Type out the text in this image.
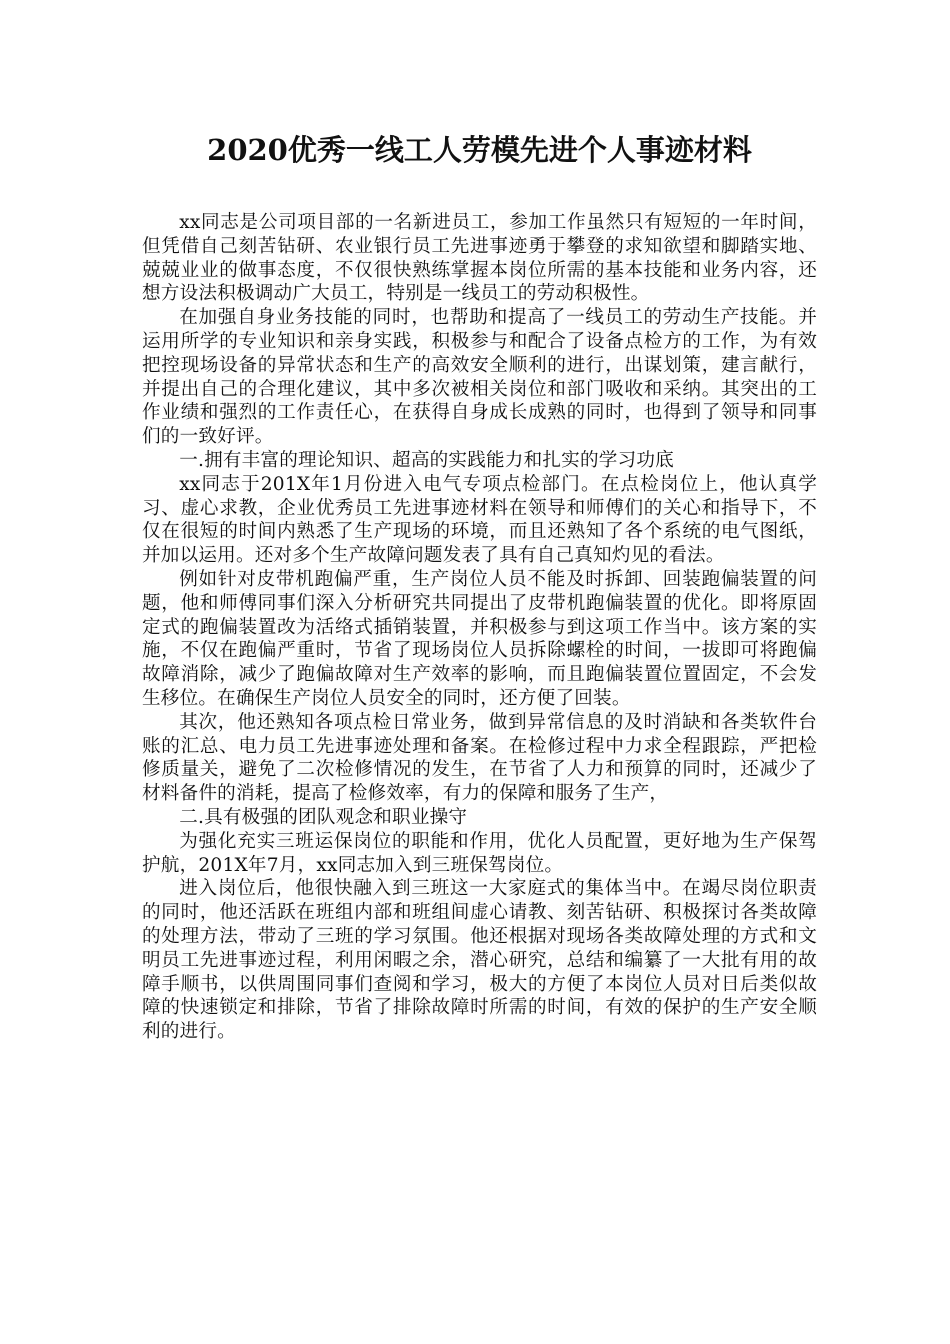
2020优秀一线工人劳模先进个人事迹材料

xx同志是公司项目部的一名新进员工，参加工作虽然只有短短的一年时间，但凭借自己刻苦钻研、农业银行员工先进事迹勇于攀登的求知欲望和脚踏实地、兢兢业业的做事态度，不仅很快熟练掌握本岗位所需的基本技能和业务内容，还想方设法积极调动广大员工，特别是一线员工的劳动积极性。

在加强自身业务技能的同时，也帮助和提高了一线员工的劳动生产技能。并运用所学的专业知识和亲身实践，积极参与和配合了设备点检方的工作，为有效把控现场设备的异常状态和生产的高效安全顺利的进行，出谋划策，建言献行，并提出自己的合理化建议，其中多次被相关岗位和部门吸收和采纳。其突出的工作业绩和强烈的工作责任心，在获得自身成长成熟的同时，也得到了领导和同事们的一致好评。

一.拥有丰富的理论知识、超高的实践能力和扎实的学习功底

xx同志于201X年1月份进入电气专项点检部门。在点检岗位上，他认真学习、虚心求教，企业优秀员工先进事迹材料在领导和师傅们的关心和指导下，不仅在很短的时间内熟悉了生产现场的环境，而且还熟知了各个系统的电气图纸，并加以运用。还对多个生产故障问题发表了具有自己真知灼见的看法。

例如针对皮带机跑偏严重，生产岗位人员不能及时拆卸、回装跑偏装置的问题，他和师傅同事们深入分析研究共同提出了皮带机跑偏装置的优化。即将原固定式的跑偏装置改为活络式插销装置，并积极参与到这项工作当中。该方案的实施，不仅在跑偏严重时，节省了现场岗位人员拆除螺栓的时间，一拔即可将跑偏故障消除，减少了跑偏故障对生产效率的影响，而且跑偏装置位置固定，不会发生移位。在确保生产岗位人员安全的同时，还方便了回装。

其次，他还熟知各项点检日常业务，做到异常信息的及时消缺和各类软件台账的汇总、电力员工先进事迹处理和备案。在检修过程中力求全程跟踪，严把检修质量关，避免了二次检修情况的发生，在节省了人力和预算的同时，还减少了材料备件的消耗，提高了检修效率，有力的保障和服务了生产，

二.具有极强的团队观念和职业操守

为强化充实三班运保岗位的职能和作用，优化人员配置，更好地为生产保驾护航，201X年7月，xx同志加入到三班保驾岗位。

进入岗位后，他很快融入到三班这一大家庭式的集体当中。在竭尽岗位职责的同时，他还活跃在班组内部和班组间虚心请教、刻苦钻研、积极探讨各类故障的处理方法，带动了三班的学习氛围。他还根据对现场各类故障处理的方式和文明员工先进事迹过程，利用闲暇之余，潜心研究，总结和编纂了一大批有用的故障手顺书，以供周围同事们查阅和学习，极大的方便了本岗位人员对日后类似故障的快速锁定和排除，节省了排除故障时所需的时间，有效的保护的生产安全顺利的进行。
